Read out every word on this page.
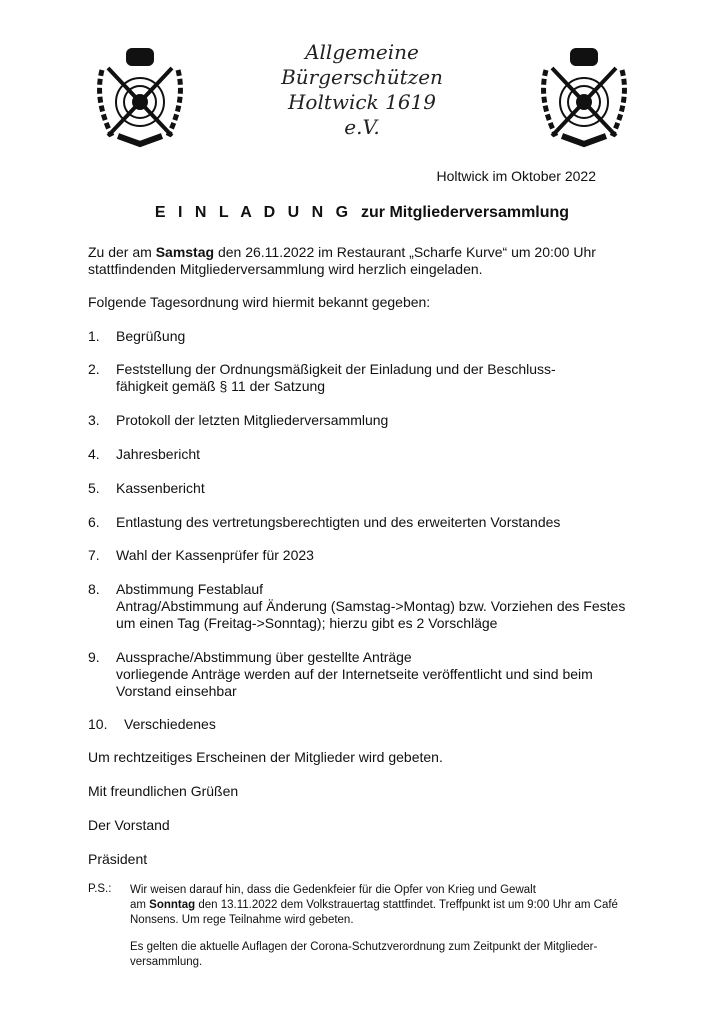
Allgemeine
Bürgerschützen
Holtwick 1619
e.V.
Holtwick im Oktober 2022
E I N L A D U N G zur Mitgliederversammlung
Zu der am Samstag den 26.11.2022 im Restaurant „Scharfe Kurve“ um 20:00 Uhr stattfindenden Mitgliederversammlung wird herzlich eingeladen.
Folgende Tagesordnung wird hiermit bekannt gegeben:
1. Begrüßung
2. Feststellung der Ordnungsmäßigkeit der Einladung und der Beschluss-
fähigkeit gemäß § 11 der Satzung
3. Protokoll der letzten Mitgliederversammlung
4. Jahresbericht
5. Kassenbericht
6. Entlastung des vertretungsberechtigten und des erweiterten Vorstandes
7. Wahl der Kassenprüfer für 2023
8. Abstimmung Festablauf
Antrag/Abstimmung auf Änderung (Samstag->Montag) bzw. Vorziehen des Festes um einen Tag (Freitag->Sonntag); hierzu gibt es 2 Vorschläge
9. Aussprache/Abstimmung über gestellte Anträge
vorliegende Anträge werden auf der Internetseite veröffentlicht und sind beim Vorstand einsehbar
10. Verschiedenes
Um rechtzeitiges Erscheinen der Mitglieder wird gebeten.
Mit freundlichen Grüßen
Der Vorstand
Präsident
P.S.: Wir weisen darauf hin, dass die Gedenkfeier für die Opfer von Krieg und Gewalt
am Sonntag den 13.11.2022 dem Volkstrauertag stattfindet. Treffpunkt ist um 9:00 Uhr am Café Nonsens. Um rege Teilnahme wird gebeten.
Es gelten die aktuelle Auflagen der Corona-Schutzverordnung zum Zeitpunkt der Mitglieder-versammlung.
